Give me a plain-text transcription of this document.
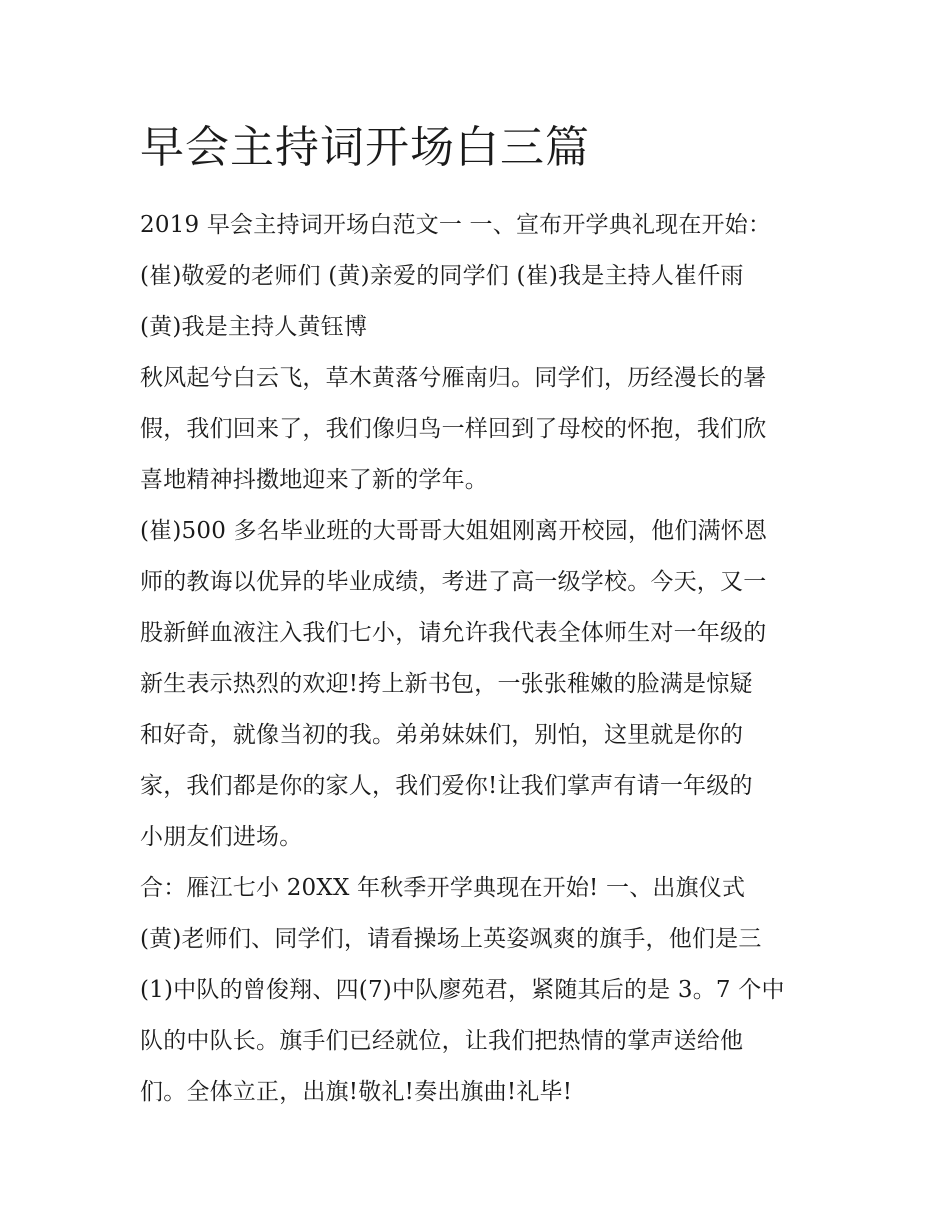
早会主持词开场白三篇
2019 早会主持词开场白范文一 一、宣布开学典礼现在开始：
(崔)敬爱的老师们 (黄)亲爱的同学们 (崔)我是主持人崔仟雨
(黄)我是主持人黄钰博
秋风起兮白云飞，草木黄落兮雁南归。同学们，历经漫长的暑
假，我们回来了，我们像归鸟一样回到了母校的怀抱，我们欣
喜地精神抖擞地迎来了新的学年。
(崔)500 多名毕业班的大哥哥大姐姐刚离开校园，他们满怀恩
师的教诲以优异的毕业成绩，考进了高一级学校。今天，又一
股新鲜血液注入我们七小，请允许我代表全体师生对一年级的
新生表示热烈的欢迎!挎上新书包，一张张稚嫩的脸满是惊疑
和好奇，就像当初的我。弟弟妹妹们，别怕，这里就是你的
家，我们都是你的家人，我们爱你!让我们掌声有请一年级的
小朋友们进场。
合：雁江七小 20XX 年秋季开学典现在开始! 一、出旗仪式
(黄)老师们、同学们，请看操场上英姿飒爽的旗手，他们是三
(1)中队的曾俊翔、四(7)中队廖苑君，紧随其后的是 3。7 个中
队的中队长。旗手们已经就位，让我们把热情的掌声送给他
们。全体立正，出旗!敬礼!奏出旗曲!礼毕!
